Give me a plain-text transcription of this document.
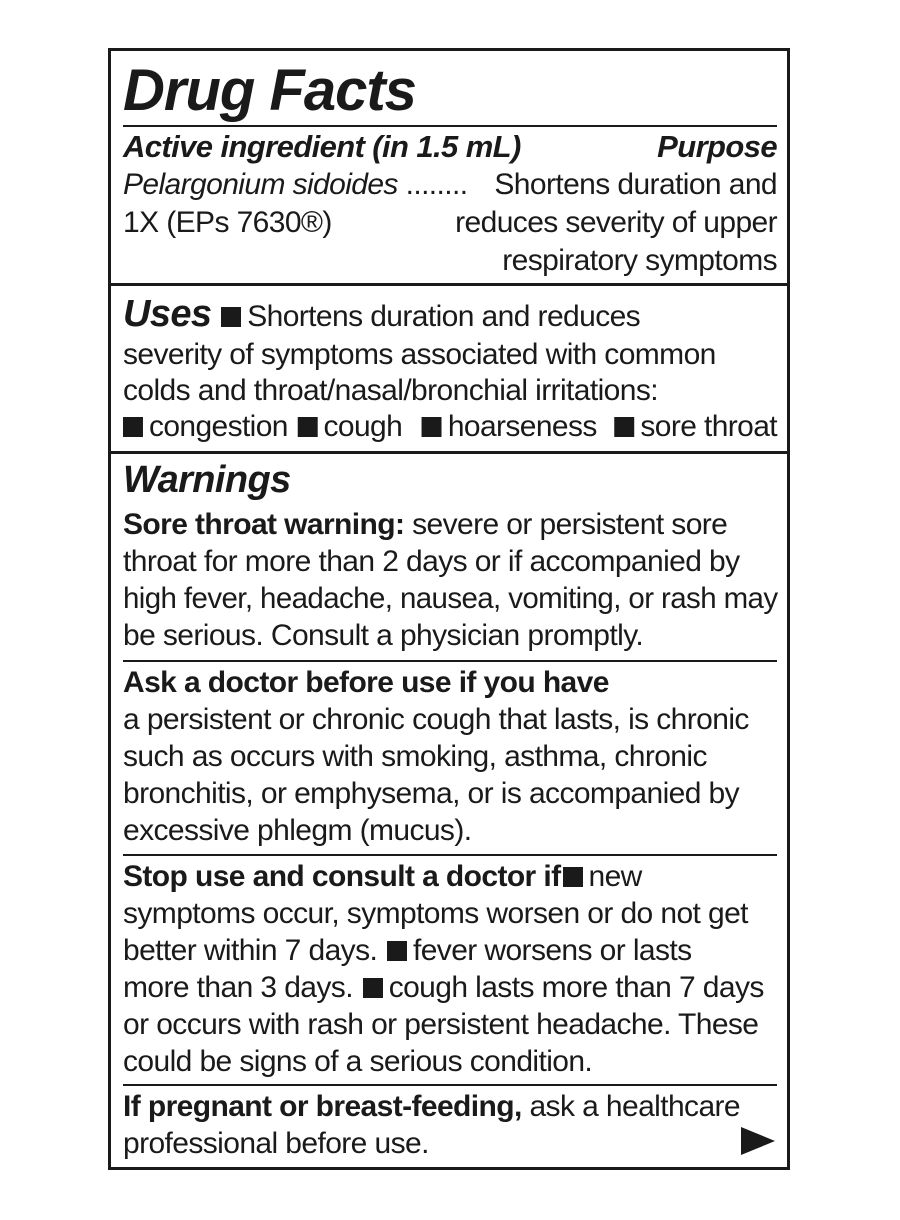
Drug Facts
Active ingredient (in 1.5 mL)	Purpose
Pelargonium sidoides ........ Shortens duration and
1X (EPs 7630®)	reduces severity of upper
respiratory symptoms
Uses Shortens duration and reduces
severity of symptoms associated with common
colds and throat/nasal/bronchial irritations:
congestion cough hoarseness sore throat
Warnings
Sore throat warning: severe or persistent sore
throat for more than 2 days or if accompanied by
high fever, headache, nausea, vomiting, or rash may
be serious. Consult a physician promptly.
Ask a doctor before use if you have
a persistent or chronic cough that lasts, is chronic
such as occurs with smoking, asthma, chronic
bronchitis, or emphysema, or is accompanied by
excessive phlegm (mucus).
Stop use and consult a doctor if new
symptoms occur, symptoms worsen or do not get
better within 7 days. fever worsens or lasts
more than 3 days. cough lasts more than 7 days
or occurs with rash or persistent headache. These
could be signs of a serious condition.
If pregnant or breast-feeding, ask a healthcare
professional before use.
